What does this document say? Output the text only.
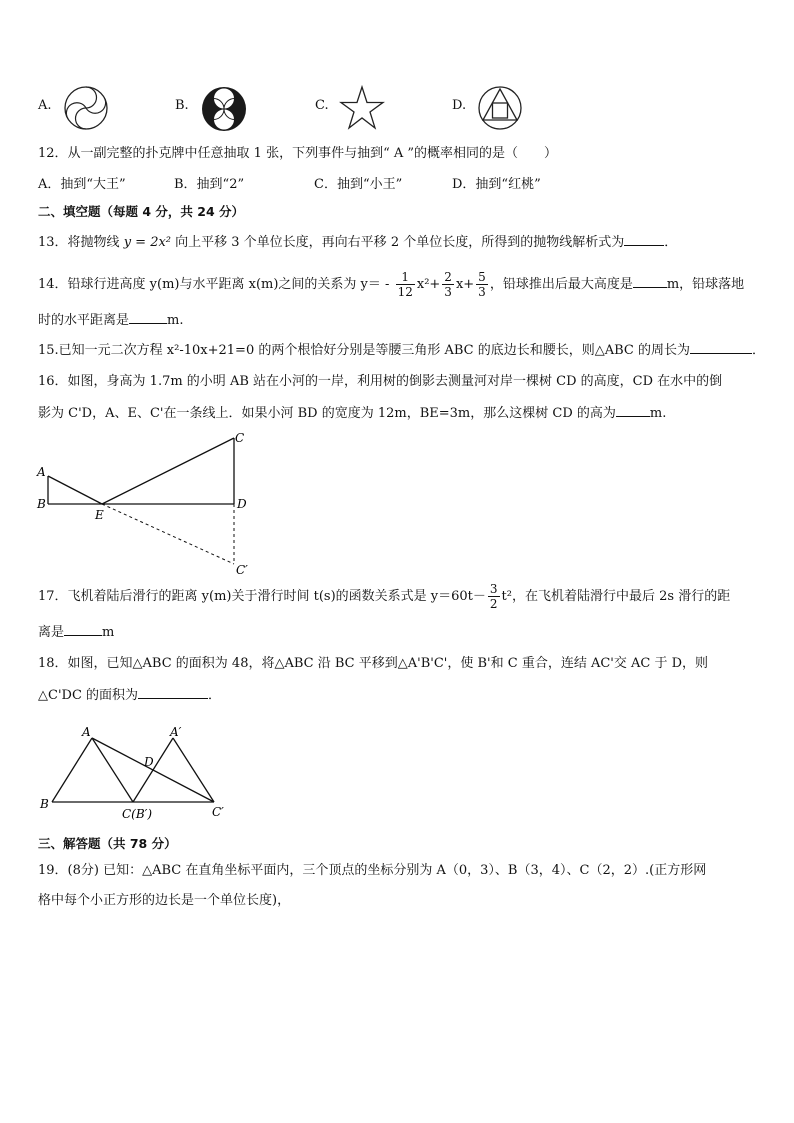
A.	B.	C.	D.
12．从一副完整的扑克牌中任意抽取 1 张，下列事件与抽到“ A ”的概率相同的是（　　）
A．抽到“大王”	B．抽到“2”	C．抽到“小王”	D．抽到“红桃”
二、填空题（每题 4 分，共 24 分）
13．将抛物线 y = 2x² 向上平移 3 个单位长度，再向右平移 2 个单位长度，所得到的抛物线解析式为	．
14．铅球行进高度 y(m)与水平距离 x(m)之间的关系为 $y= - \frac{1}{12} x^2+ \frac{2}{3} x+ \frac{5}{3}$ ，铅球推出后最大高度是	m，铅球落地
时的水平距离是	m.
15.已知一元二次方程 x²-10x+21=0 的两个根恰好分别是等腰三角形 ABC 的底边长和腰长，则△ABC 的周长为	．
16．如图，身高为 1.7m 的小明 AB 站在小河的一岸，利用树的倒影去测量河对岸一棵树 CD 的高度，CD 在水中的倒
影为 C'D，A、E、C'在一条线上．如果小河 BD 的宽度为 12m，BE=3m，那么这棵树 CD 的高为	m.
A
B
E
C
D
C′
17．飞机着陆后滑行的距离 y(m)关于滑行时间 t(s)的函数关系式是 $y=60t- \frac{3}{2} t^2$，在飞机着陆滑行中最后 2s 滑行的距
离是	m
18．如图，已知△ABC 的面积为 48，将△ABC 沿 BC 平移到△A'B'C'，使 B'和 C 重合，连结 AC'交 AC 于 D，则
△C'DC 的面积为	．
A	A′
D
B
C(B′)	C′
三、解答题（共 78 分）
19．(8分) 已知：△ABC 在直角坐标平面内，三个顶点的坐标分别为 A（0，3）、B（3，4）、C（2，2）.(正方形网
格中每个小正方形的边长是一个单位长度)，
